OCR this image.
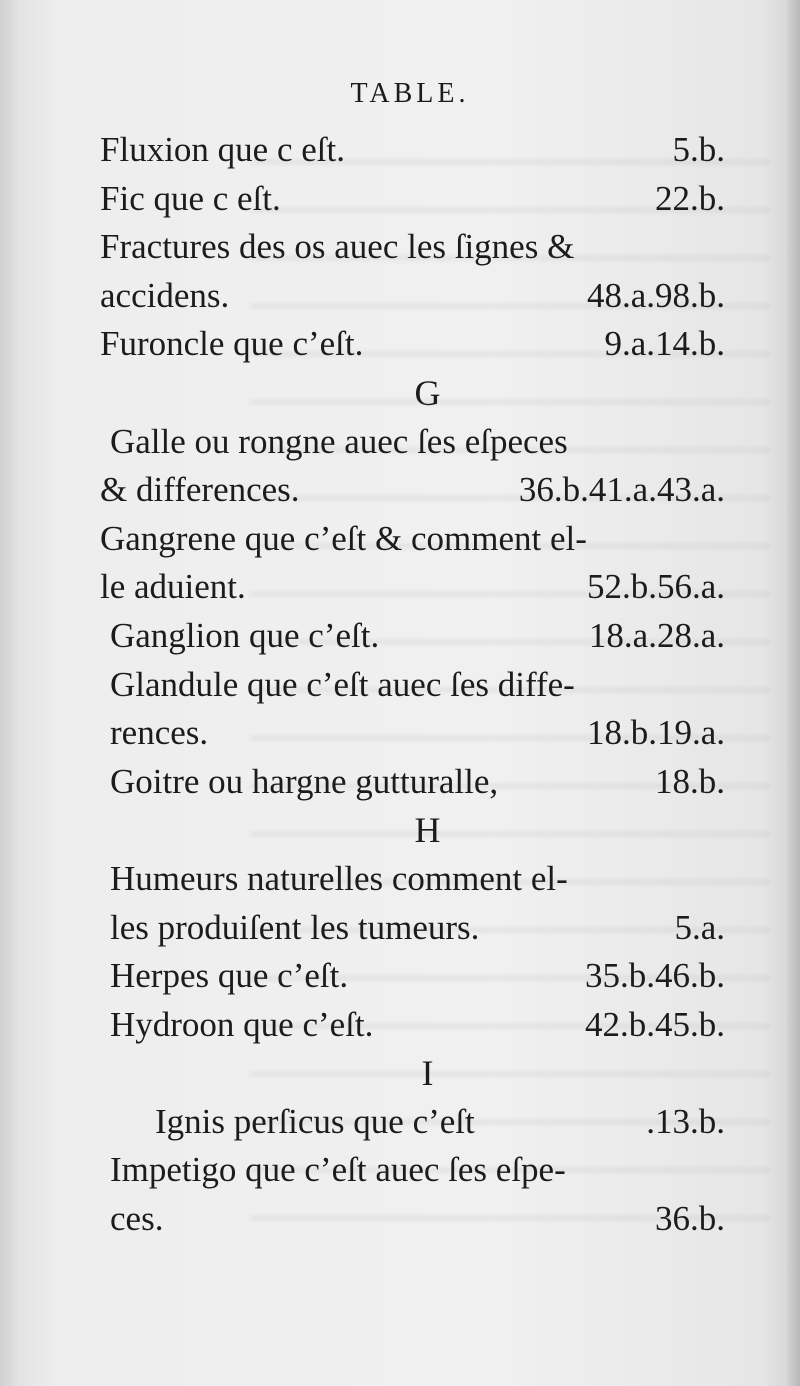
TABLE.
Fluxion que c eſt.	5.b.
Fic que c eſt.	22.b.
Fractures des os auec les ſignes &
accidens.	48.a.98.b.
Furoncle que c’eſt.	9.a.14.b.
G
Galle ou rongne auec ſes eſpeces
& differences.	36.b.41.a.43.a.
Gangrene que c’eſt & comment el-
le aduient.	52.b.56.a.
Ganglion que c’eſt.	18.a.28.a.
Glandule que c’eſt auec ſes diffe-
rences.	18.b.19.a.
Goitre ou hargne gutturalle,	18.b.
H
Humeurs naturelles comment el-
les produiſent les tumeurs.	5.a.
Herpes que c’eſt.	35.b.46.b.
Hydroon que c’eſt.	42.b.45.b.
I
Ignis perſicus que c’eſt	.13.b.
Impetigo que c’eſt auec ſes eſpe-
ces.	36.b.
